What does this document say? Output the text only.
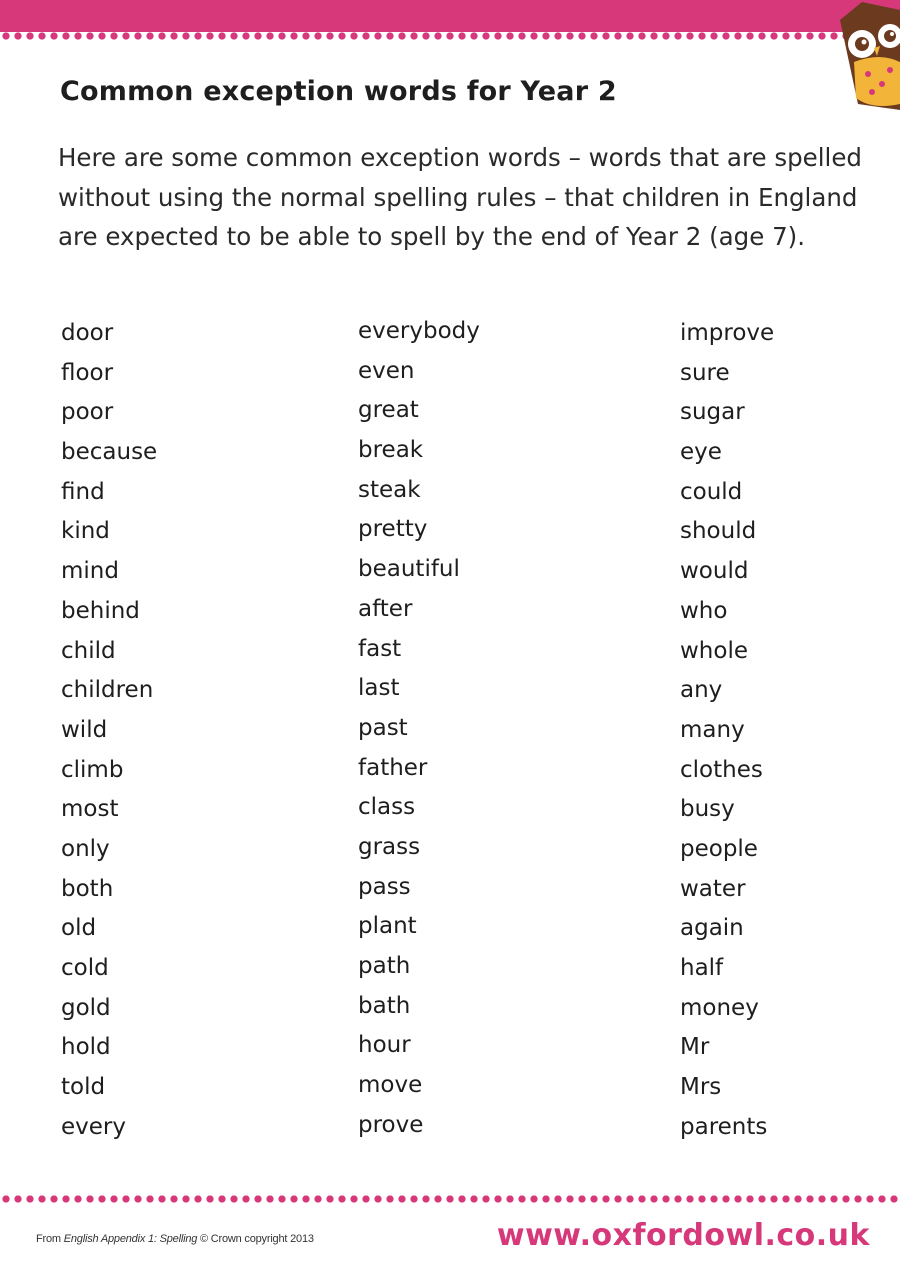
Common exception words for Year 2

Here are some common exception words – words that are spelled without using the normal spelling rules – that children in England are expected to be able to spell by the end of Year 2 (age 7).

door
floor
poor
because
find
kind
mind
behind
child
children
wild
climb
most
only
both
old
cold
gold
hold
told
every
everybody
even
great
break
steak
pretty
beautiful
after
fast
last
past
father
class
grass
pass
plant
path
bath
hour
move
prove
improve
sure
sugar
eye
could
should
would
who
whole
any
many
clothes
busy
people
water
again
half
money
Mr
Mrs
parents

From English Appendix 1: Spelling © Crown copyright 2013	www.oxfordowl.co.uk
